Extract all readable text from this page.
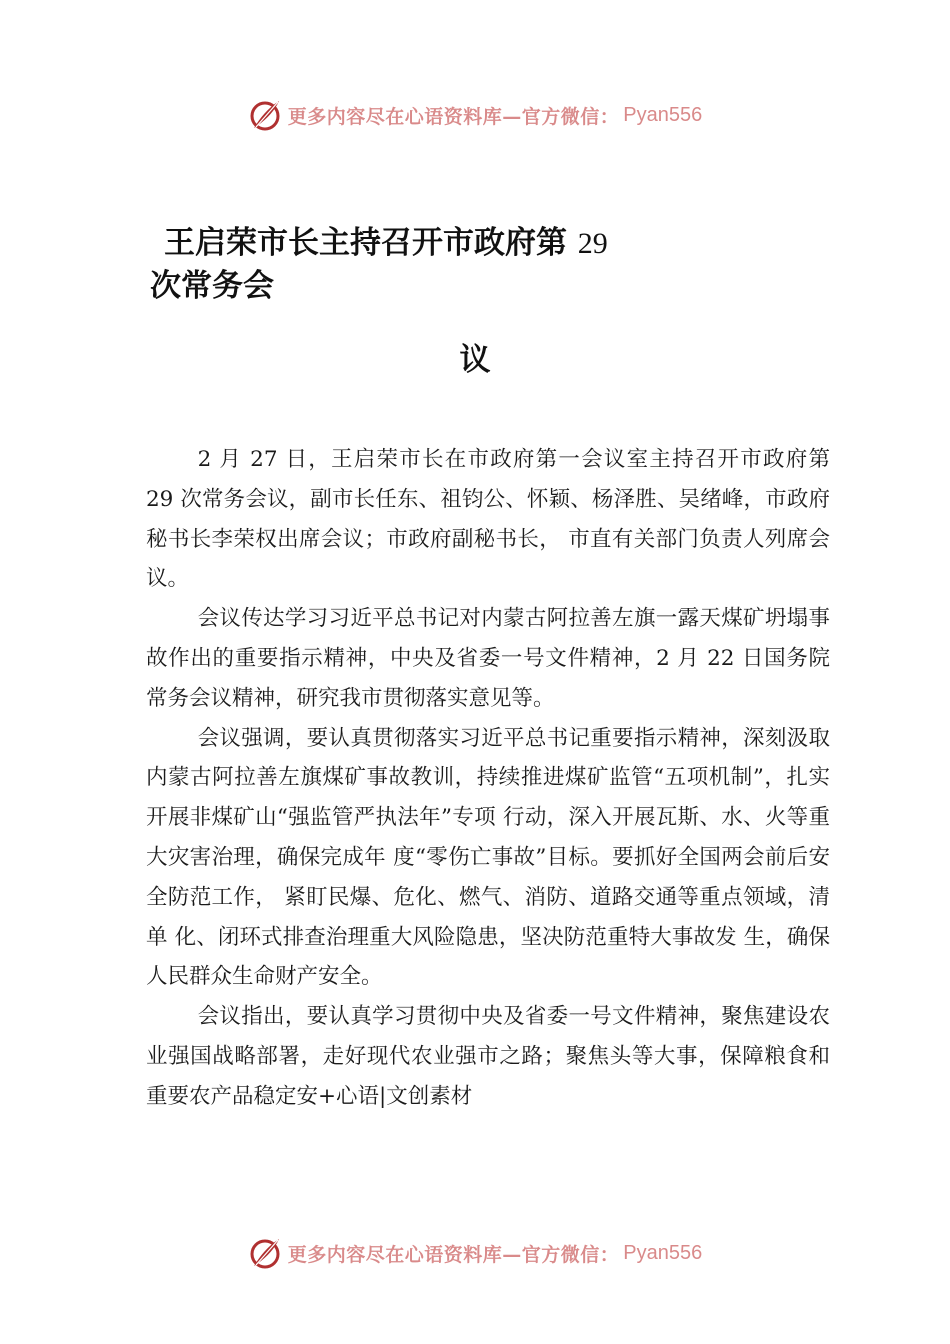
更多内容尽在心语资料库—官方微信： Pyan556
王启荣市长主持召开市政府第 29
次常务会
议

2 月 27 日，王启荣市长在市政府第一会议室主持召开市政府第 29 次常务会议，副市长任东、祖钧公、怀颖、杨泽胜、吴绪峰，市政府秘书长李荣权出席会议；市政府副秘书长， 市直有关部门负责人列席会议。

会议传达学习习近平总书记对内蒙古阿拉善左旗一露天煤矿坍塌事故作出的重要指示精神，中央及省委一号文件精神，2 月 22 日国务院常务会议精神，研究我市贯彻落实意见等。

会议强调，要认真贯彻落实习近平总书记重要指示精神，深刻汲取内蒙古阿拉善左旗煤矿事故教训，持续推进煤矿监管“五项机制”，扎实开展非煤矿山“强监管严执法年”专项 行动，深入开展瓦斯、水、火等重大灾害治理，确保完成年 度“零伤亡事故”目标。要抓好全国两会前后安全防范工作， 紧盯民爆、危化、燃气、消防、道路交通等重点领域，清单 化、闭环式排查治理重大风险隐患，坚决防范重特大事故发 生，确保人民群众生命财产安全。

会议指出，要认真学习贯彻中央及省委一号文件精神，聚焦建设农业强国战略部署，走好现代农业强市之路；聚焦头等大事，保障粮食和重要农产品稳定安+心语|文创素材

更多内容尽在心语资料库—官方微信： Pyan556
